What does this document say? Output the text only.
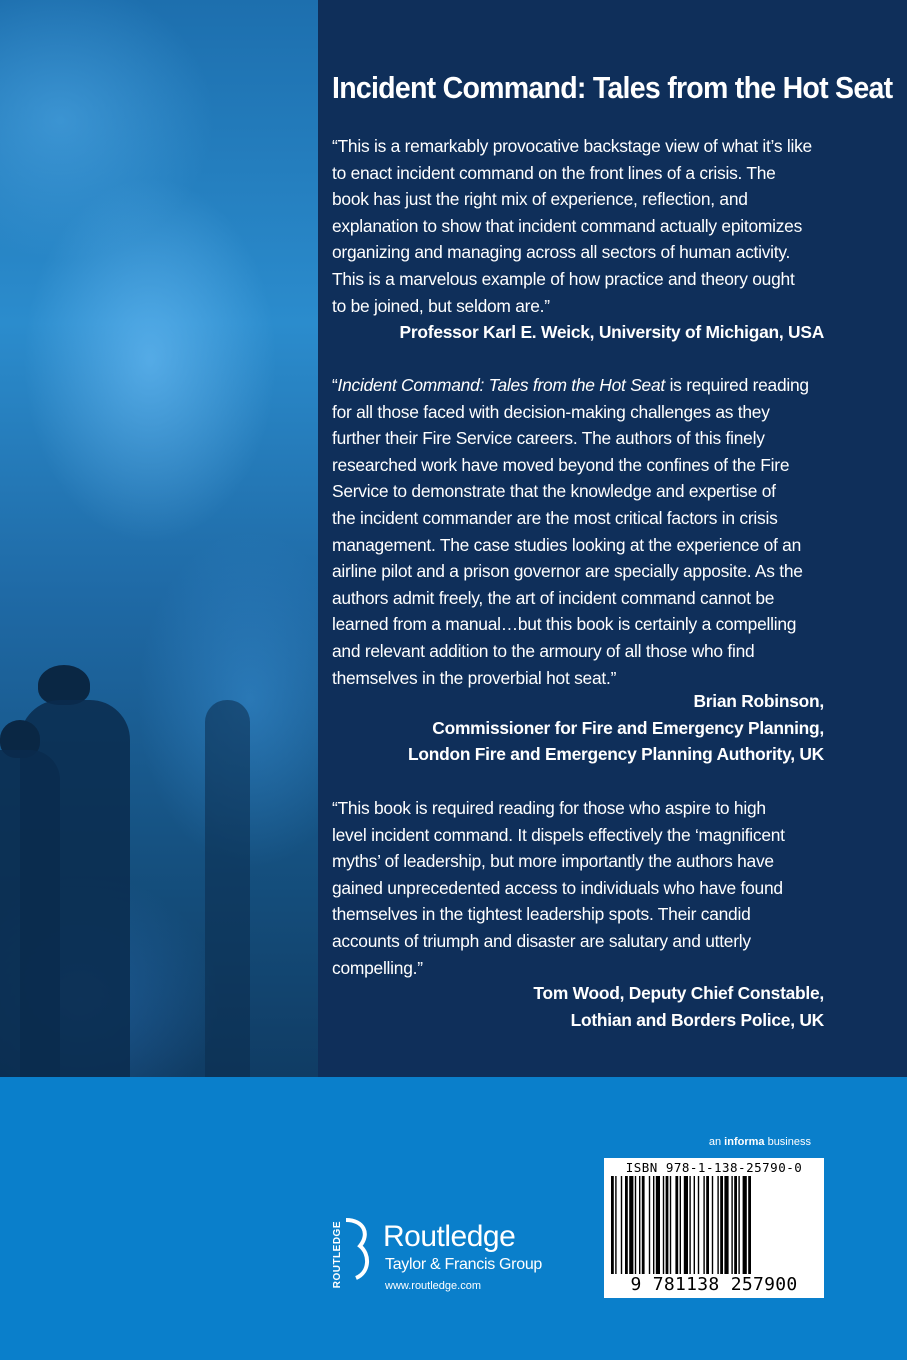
Incident Command: Tales from the Hot Seat
“This is a remarkably provocative backstage view of what it’s like
to enact incident command on the front lines of a crisis. The
book has just the right mix of experience, reflection, and
explanation to show that incident command actually epitomizes
organizing and managing across all sectors of human activity.
This is a marvelous example of how practice and theory ought
to be joined, but seldom are.”
Professor Karl E. Weick, University of Michigan, USA
“Incident Command: Tales from the Hot Seat is required reading
for all those faced with decision-making challenges as they
further their Fire Service careers. The authors of this finely
researched work have moved beyond the confines of the Fire
Service to demonstrate that the knowledge and expertise of
the incident commander are the most critical factors in crisis
management. The case studies looking at the experience of an
airline pilot and a prison governor are specially apposite. As the
authors admit freely, the art of incident command cannot be
learned from a manual…but this book is certainly a compelling
and relevant addition to the armoury of all those who find
themselves in the proverbial hot seat.”
Brian Robinson,
Commissioner for Fire and Emergency Planning,
London Fire and Emergency Planning Authority, UK
“This book is required reading for those who aspire to high
level incident command. It dispels effectively the ‘magnificent
myths’ of leadership, but more importantly the authors have
gained unprecedented access to individuals who have found
themselves in the tightest leadership spots. Their candid
accounts of triumph and disaster are salutary and utterly
compelling.”
Tom Wood, Deputy Chief Constable,
Lothian and Borders Police, UK
an informa business
ROUTLEDGE Routledge
Taylor & Francis Group
www.routledge.com
ISBN 978-1-138-25790-0
9 781138 257900
